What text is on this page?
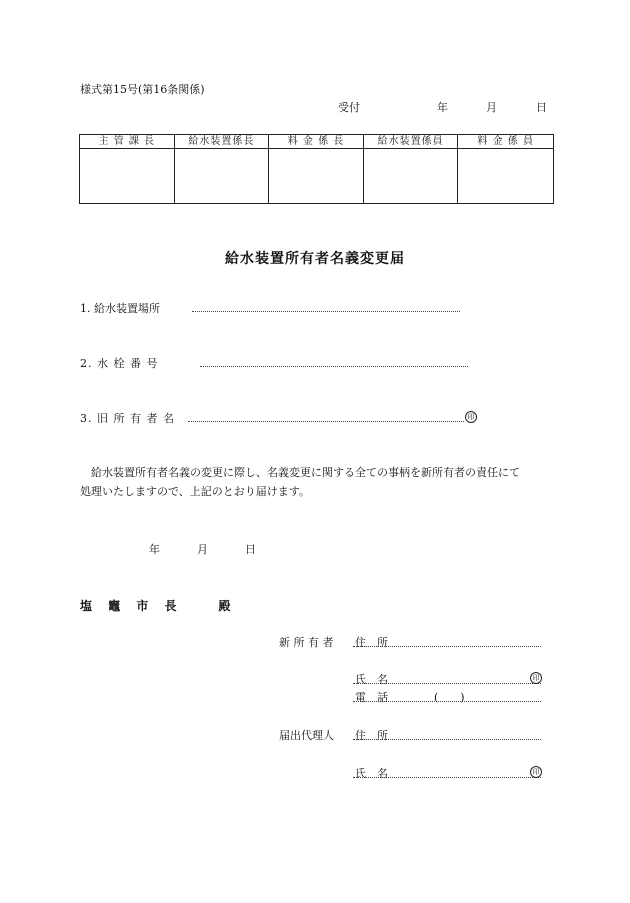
様式第15号(第16条関係)
受付	年	月	日
主 管 課 長	給水装置係長	料 金 係 長	給水装置係員	料 金 係 員
給水装置所有者名義変更届
1. 給水装置場所
2. 水 栓 番 号
3. 旧 所 有 者 名	印
給水装置所有者名義の変更に際し、名義変更に関する全ての事柄を新所有者の責任にて
処理いたしますので、上記のとおり届けます。
年	月	日
塩 竈 市 長　　殿
新 所 有 者 住　所
氏　名	印
電　話	(　　)
届出代理人 住　所
氏　名	印
